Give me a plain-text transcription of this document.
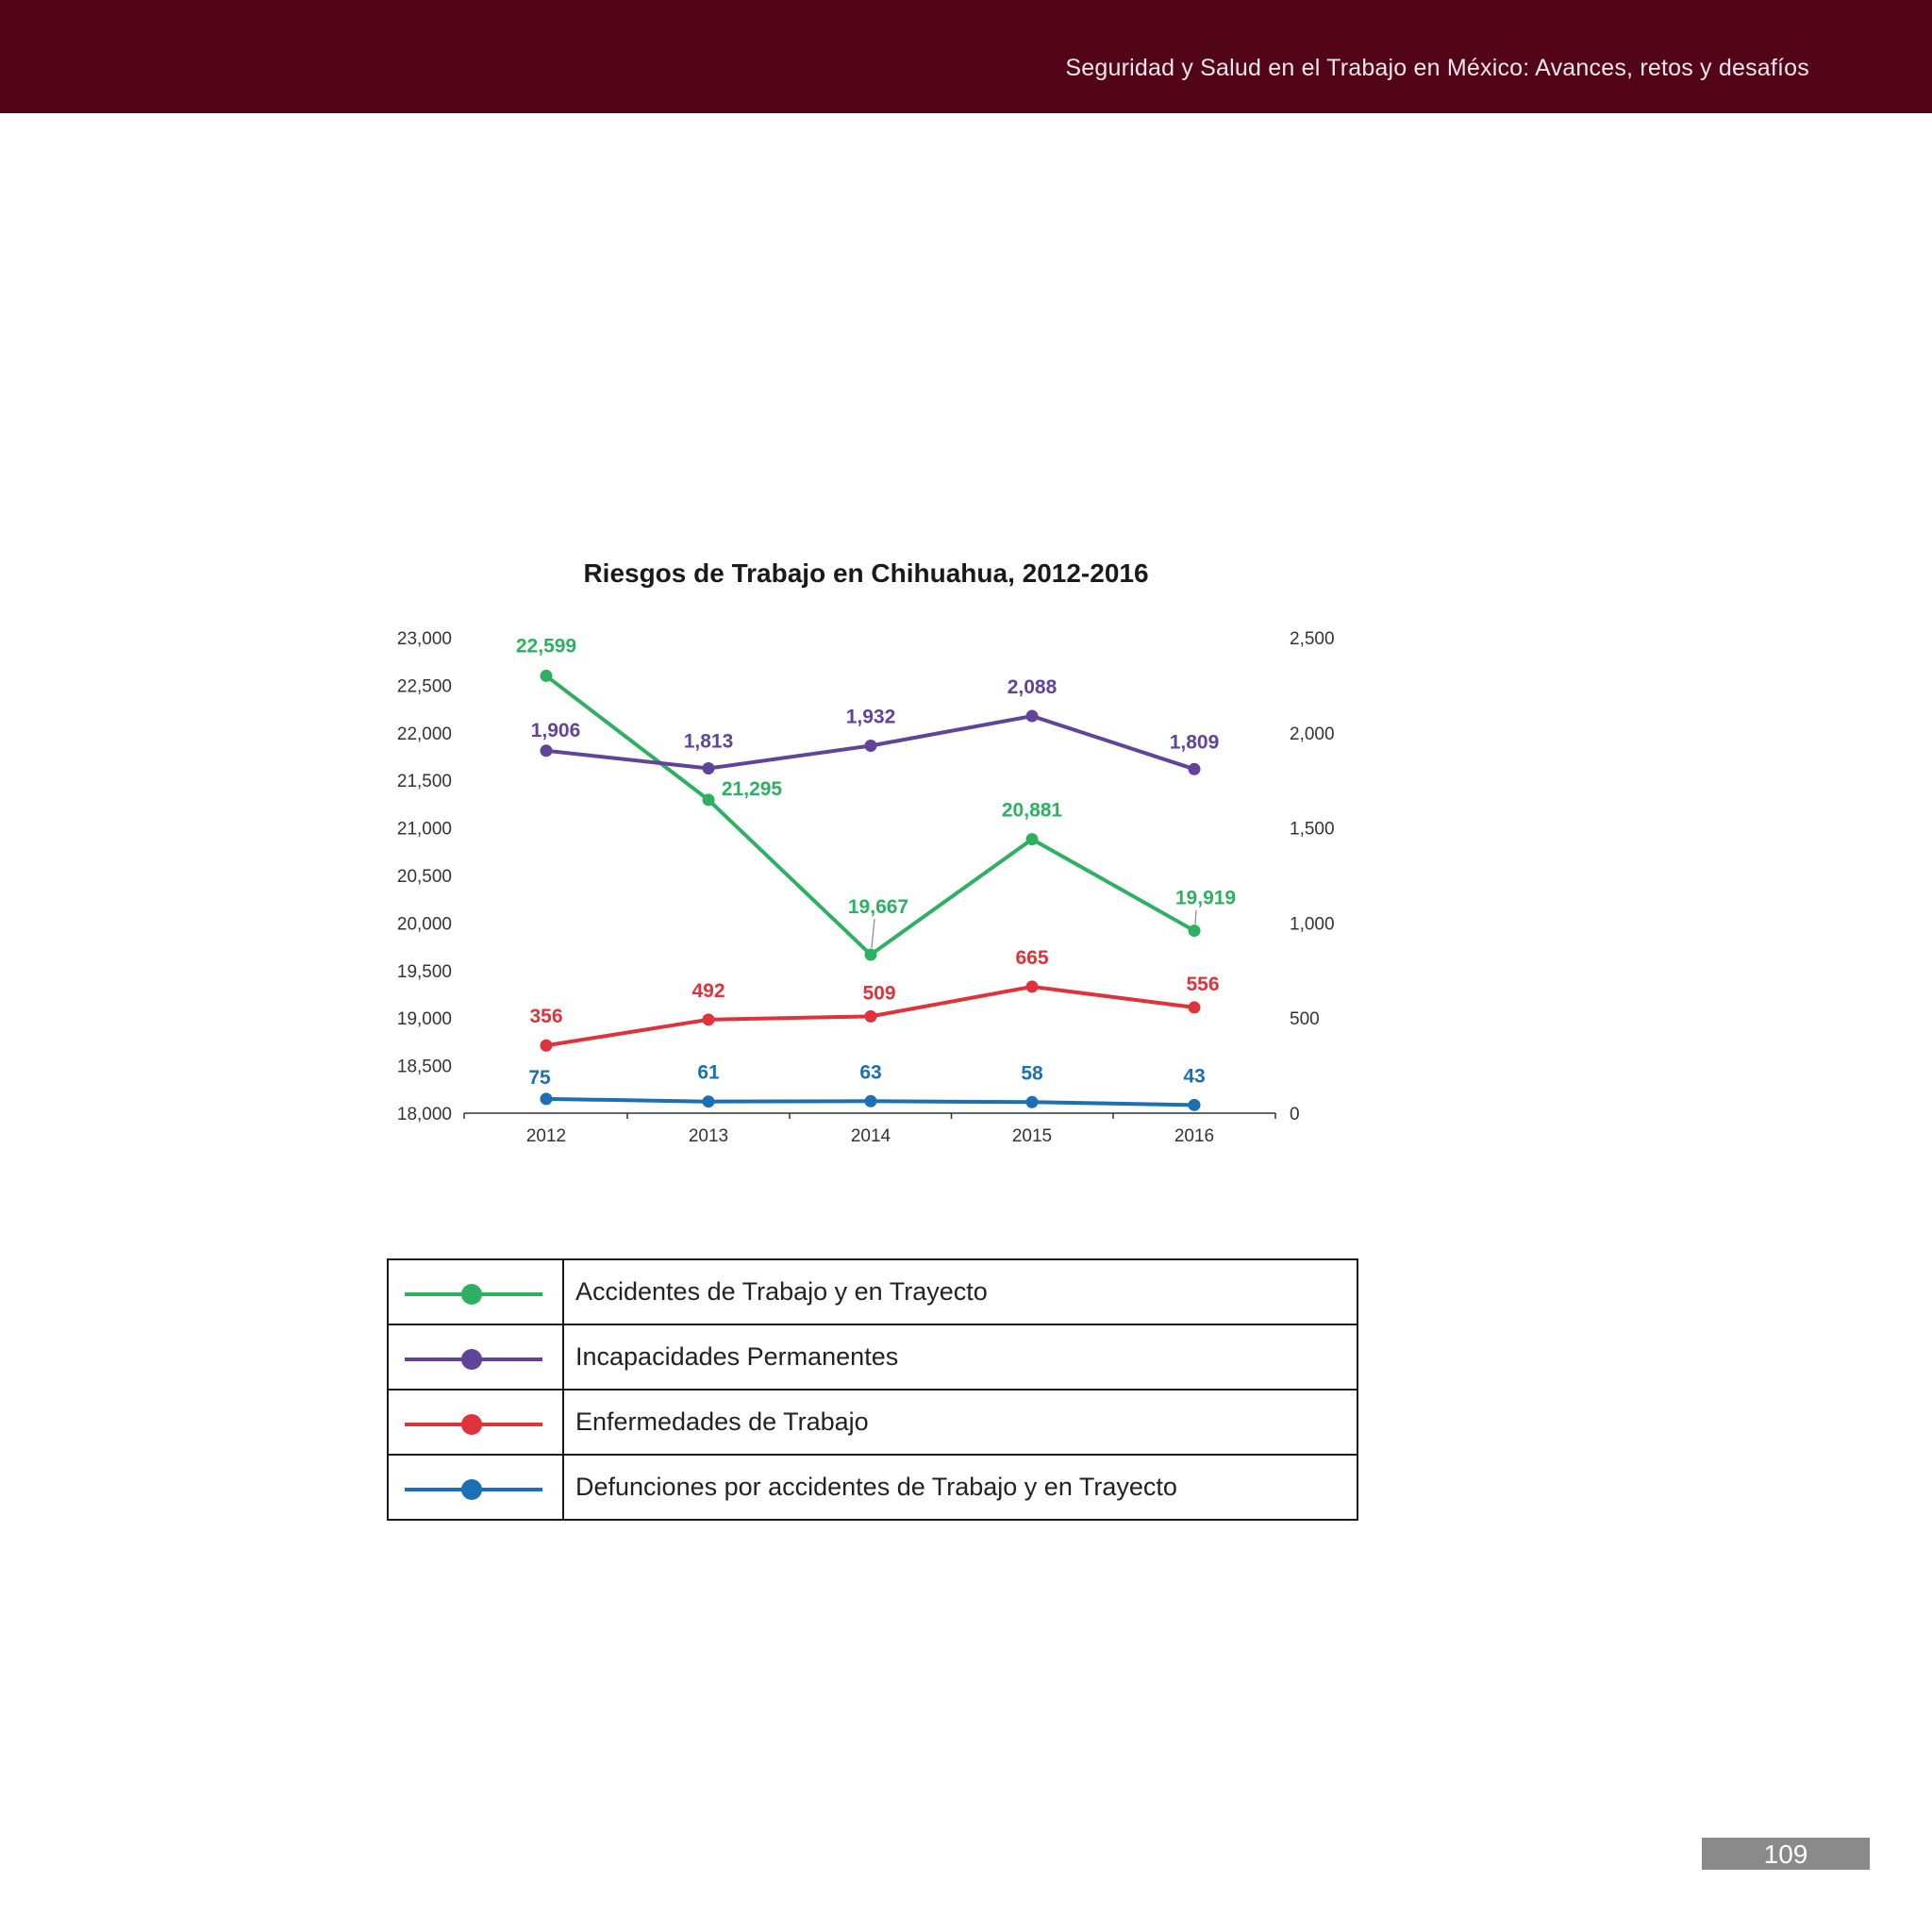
Seguridad y Salud en el Trabajo en México: Avances, retos y desafíos
Riesgos de Trabajo en Chihuahua, 2012-2016
18,000
18,500
19,000
19,500
20,000
20,500
21,000
21,500
22,000
22,500
23,000
0
500
1,000
1,500
2,000
2,500
2012	2013	2014	2015	2016
22,599
21,295
19,667
20,881
19,919
1,906
1,813
1,932
2,088
1,809
356
492	509
665
556
75	61	63	58	43
	Accidentes de Trabajo y en Trayecto
	Incapacidades Permanentes
	Enfermedades de Trabajo
	Defunciones por accidentes de Trabajo y en Trayecto
109
